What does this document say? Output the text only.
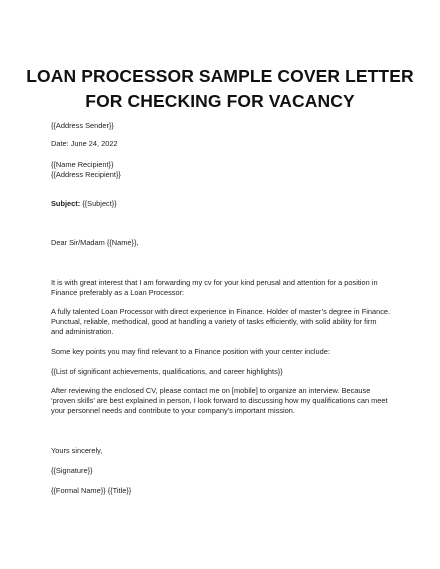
LOAN PROCESSOR SAMPLE COVER LETTER
FOR CHECKING FOR VACANCY
{{Address Sender}}
Date: June 24, 2022
{{Name Recipient}}
{{Address Recipient}}
Subject: {{Subject}}
Dear Sir/Madam {{Name}},
It is with great interest that I am forwarding my cv for your kind perusal and attention for a position in
Finance preferably as a Loan Processor:
A fully talented Loan Processor with direct experience in Finance. Holder of master’s degree in Finance.
Punctual, reliable, methodical, good at handling a variety of tasks efficiently, with solid ability for firm
and administration.
Some key points you may find relevant to a Finance position with your center include:
{{List of significant achievements, qualifications, and career highlights}}
After reviewing the enclosed CV, please contact me on [mobile] to organize an interview. Because
‘proven skills’ are best explained in person, I look forward to discussing how my qualifications can meet
your personnel needs and contribute to your company’s important mission.
Yours sincerely,
{{Signature}}
{{Formal Name}} {{Title}}
